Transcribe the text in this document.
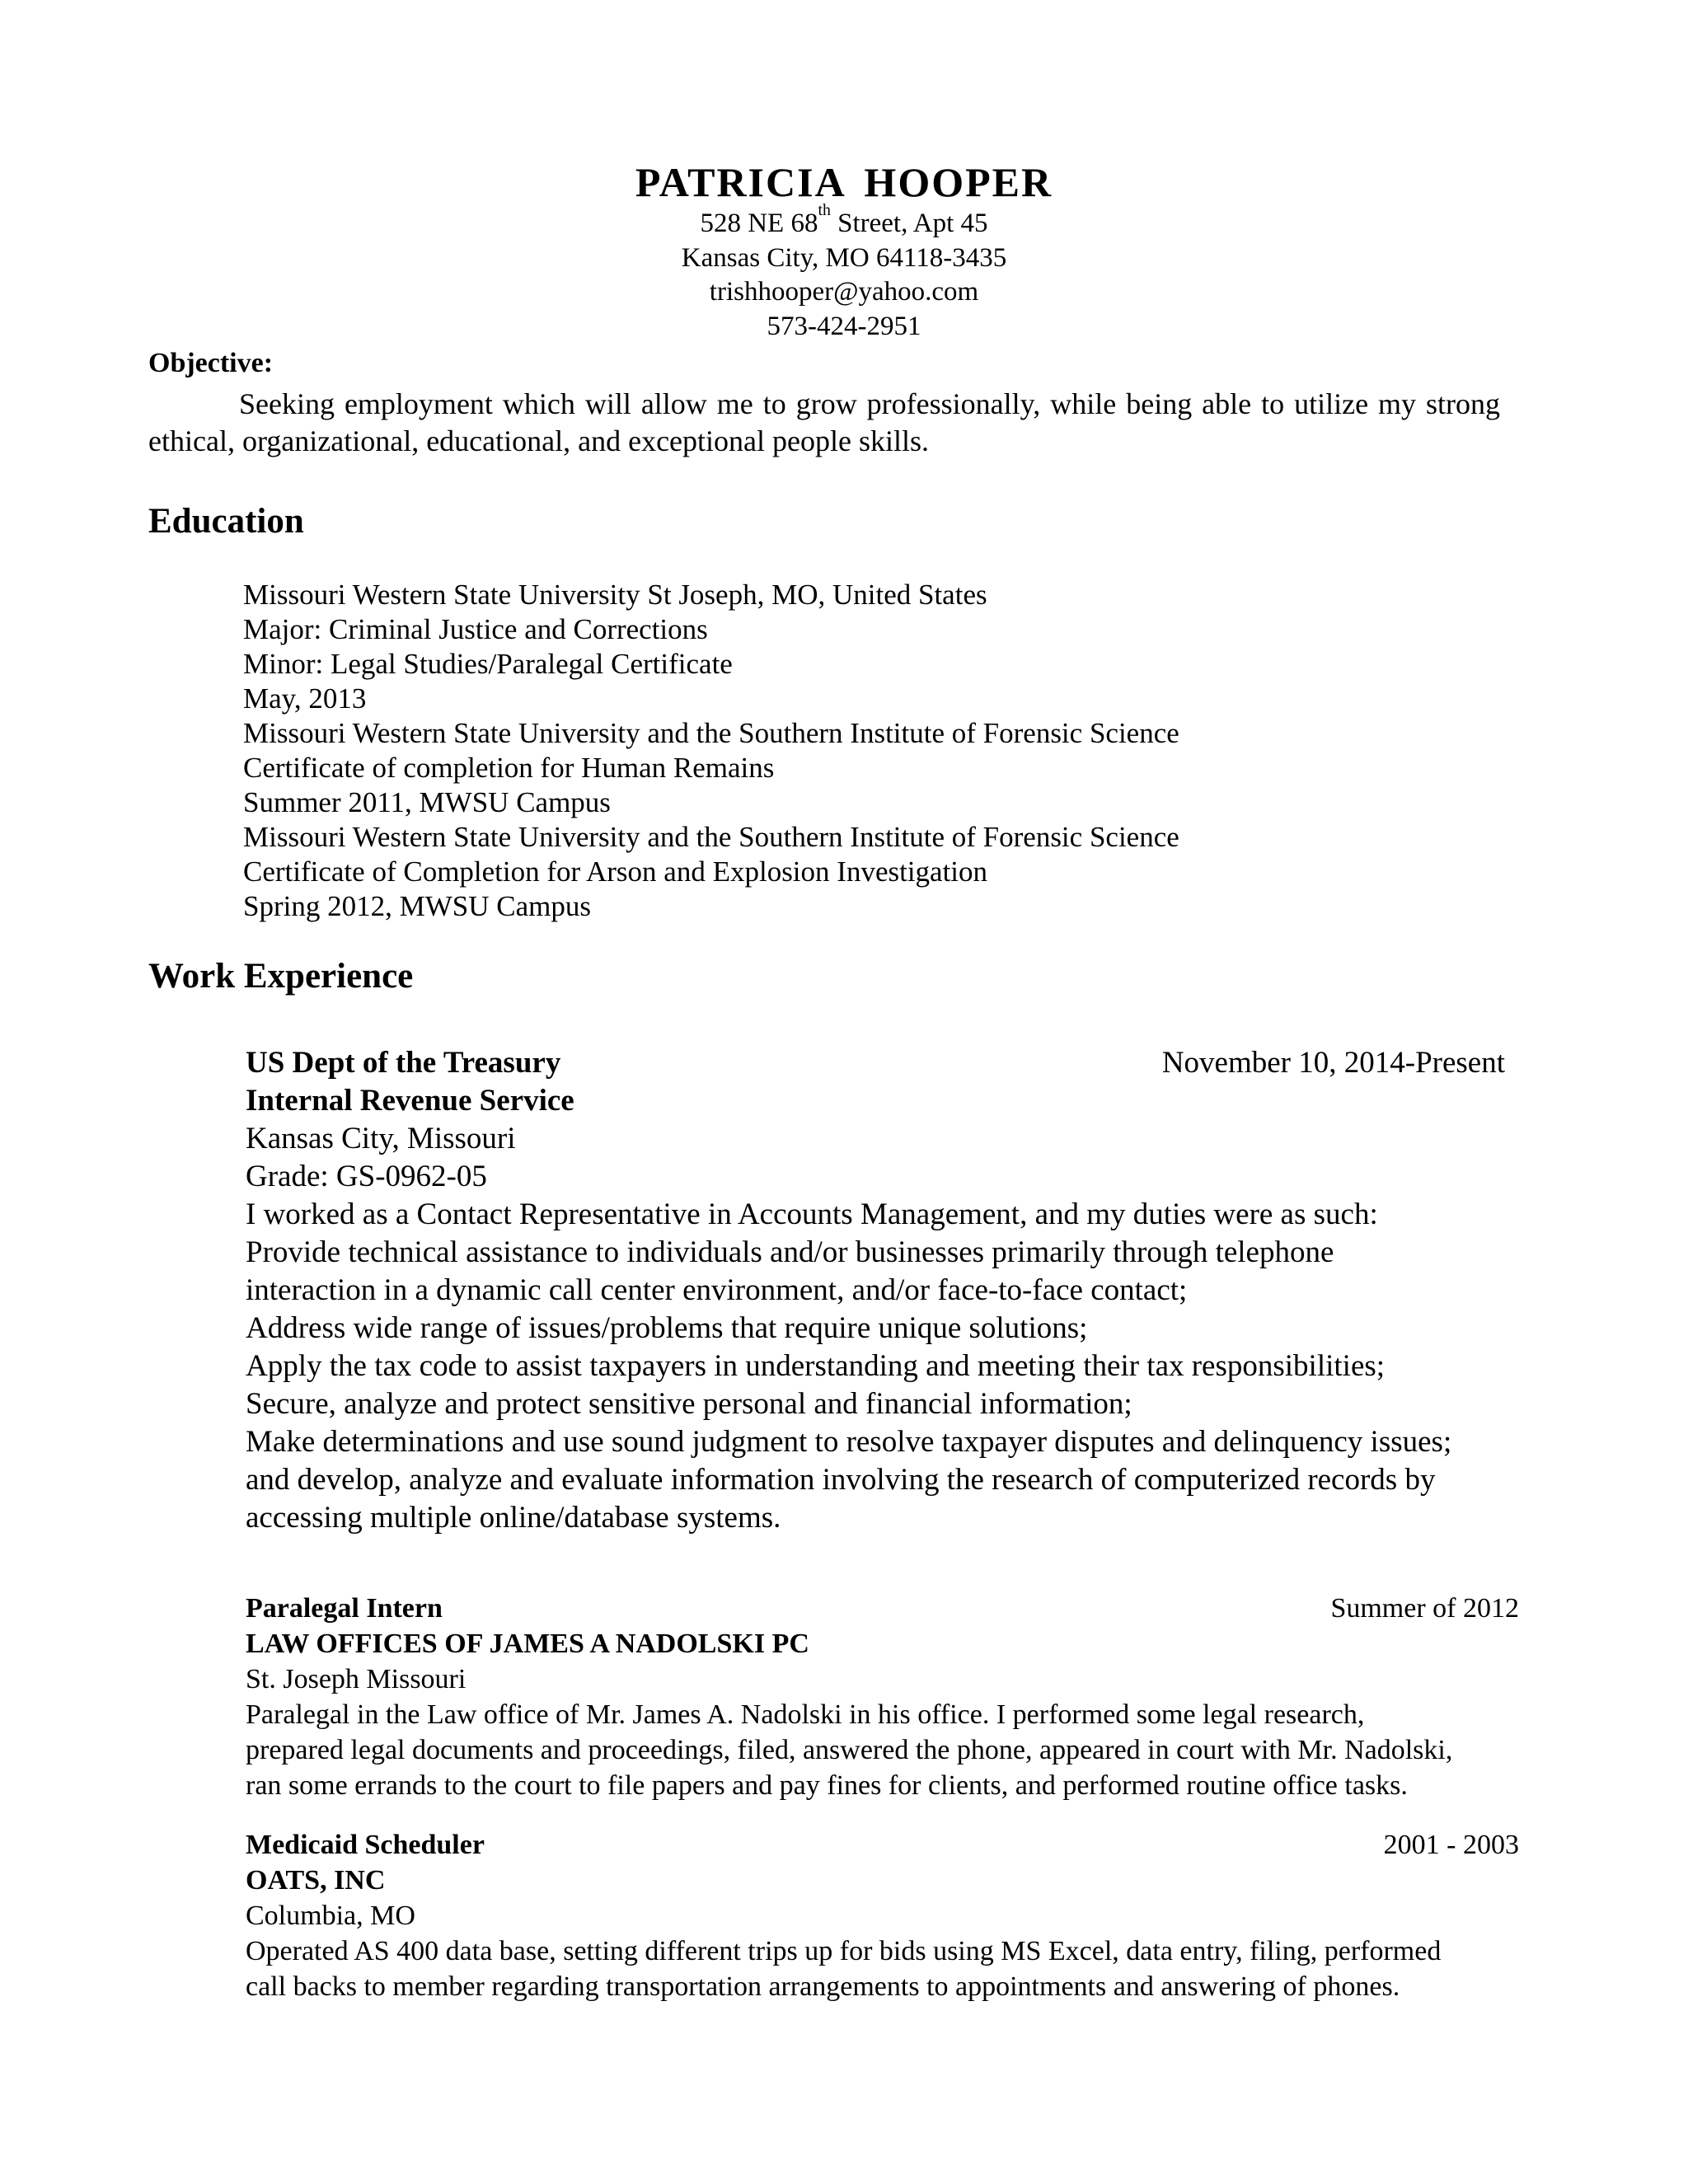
PATRICIA HOOPER
528 NE 68th Street, Apt 45
Kansas City, MO 64118-3435
trishhooper@yahoo.com
573-424-2951
Objective:
Seeking employment which will allow me to grow professionally, while being able to utilize my strong ethical, organizational, educational, and exceptional people skills.
Education
Missouri Western State University St Joseph, MO, United States
Major: Criminal Justice and Corrections
Minor: Legal Studies/Paralegal Certificate
May, 2013
Missouri Western State University and the Southern Institute of Forensic Science
Certificate of completion for Human Remains
Summer 2011, MWSU Campus
Missouri Western State University and the Southern Institute of Forensic Science
Certificate of Completion for Arson and Explosion Investigation
Spring 2012, MWSU Campus
Work Experience
US Dept of the Treasury	November 10, 2014-Present
Internal Revenue Service
Kansas City, Missouri
Grade: GS-0962-05
I worked as a Contact Representative in Accounts Management, and my duties were as such:
Provide technical assistance to individuals and/or businesses primarily through telephone
interaction in a dynamic call center environment, and/or face-to-face contact;
Address wide range of issues/problems that require unique solutions;
Apply the tax code to assist taxpayers in understanding and meeting their tax responsibilities;
Secure, analyze and protect sensitive personal and financial information;
Make determinations and use sound judgment to resolve taxpayer disputes and delinquency issues;
and develop, analyze and evaluate information involving the research of computerized records by
accessing multiple online/database systems.
Paralegal Intern	Summer of 2012
LAW OFFICES OF JAMES A NADOLSKI PC
St. Joseph Missouri
Paralegal in the Law office of Mr. James A. Nadolski in his office. I performed some legal research,
prepared legal documents and proceedings, filed, answered the phone, appeared in court with Mr. Nadolski,
ran some errands to the court to file papers and pay fines for clients, and performed routine office tasks.
Medicaid Scheduler	2001 - 2003
OATS, INC
Columbia, MO
Operated AS 400 data base, setting different trips up for bids using MS Excel, data entry, filing, performed
call backs to member regarding transportation arrangements to appointments and answering of phones.
